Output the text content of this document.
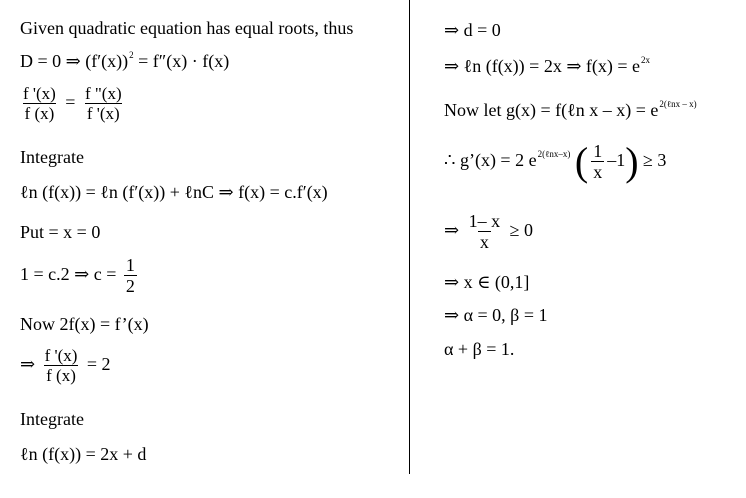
Given quadratic equation has equal roots, thus
D = 0 ⇒ $(f'(x))^2 = f''(x) \cdot f(x)$
$\frac{f '(x)}{f (x)} = \frac{f "(x)}{f '(x)}$
Integrate
ℓn (f(x)) = ℓn (f′(x)) + ℓnC ⇒ f(x) = c.f′(x)
Put = x = 0
1 = c.2 ⇒ $c = \frac{1}{2}$
Now 2f(x) = f’(x)
⇒ $\frac{f '(x)}{f (x)} = 2$
Integrate
ℓn (f(x)) = 2x + d
⇒ d = 0
⇒ ℓn (f(x)) = 2x ⇒ $f(x) = e^{2x}$
Now let g(x) = f(ℓn $x - x) = e^{2(\ell nx - x)}$
∴ g’(x) = 2 $e^{2(\ell nx-x)}$ ( $\frac{1}{x} -1) \ge 3$
⇒ $\frac{1- x}{x} \ge 0$
⇒ x ∈ (0,1]
⇒ α = 0, β = 1
α + β = 1.
